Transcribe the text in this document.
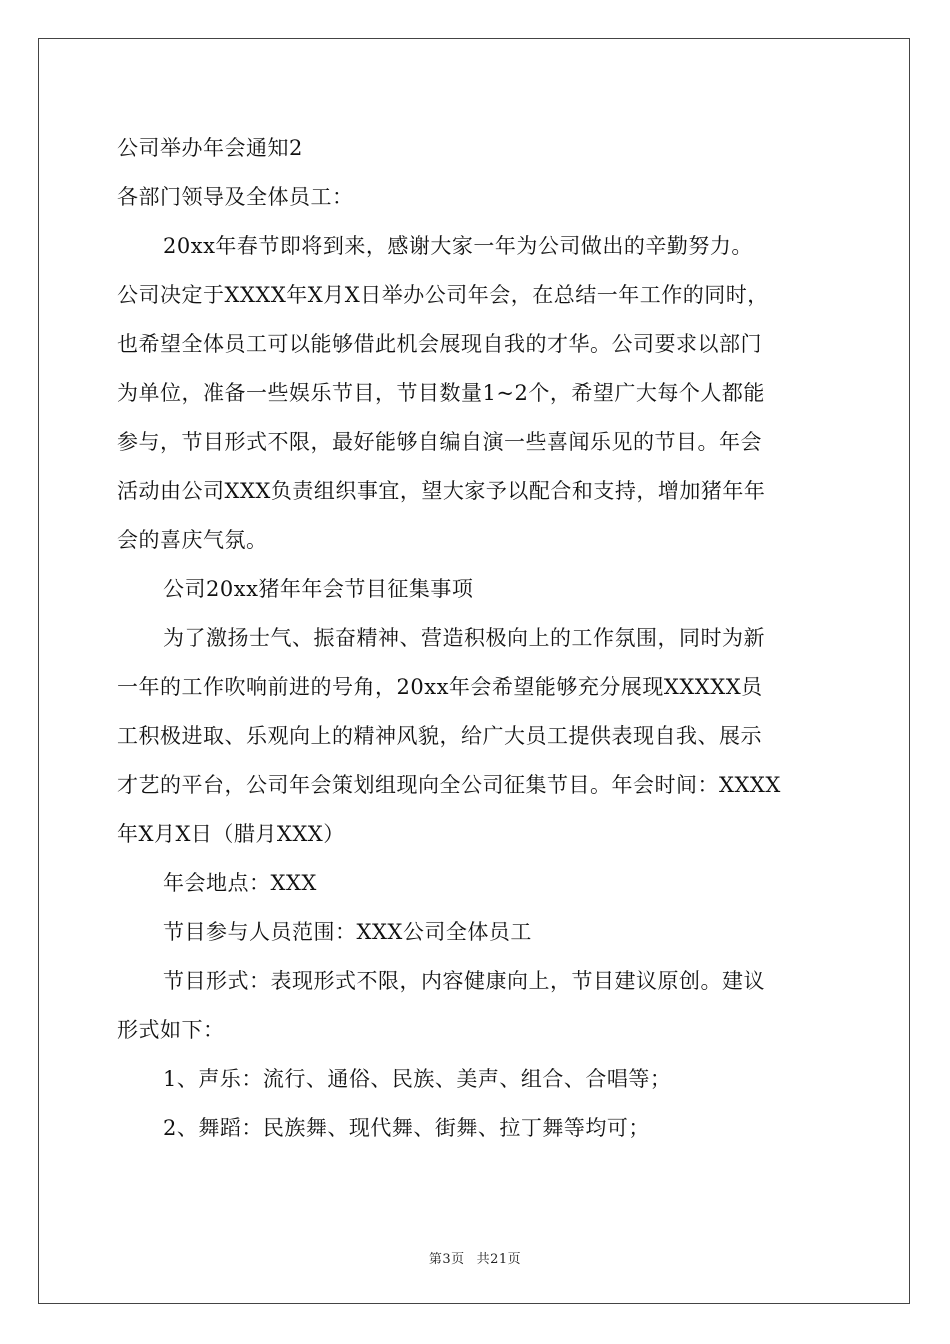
公司举办年会通知2
各部门领导及全体员工：
20xx年春节即将到来，感谢大家一年为公司做出的辛勤努力。
公司决定于XXXX年X月X日举办公司年会，在总结一年工作的同时，
也希望全体员工可以能够借此机会展现自我的才华。公司要求以部门
为单位，准备一些娱乐节目，节目数量1~2个，希望广大每个人都能
参与，节目形式不限，最好能够自编自演一些喜闻乐见的节目。年会
活动由公司XXX负责组织事宜，望大家予以配合和支持，增加猪年年
会的喜庆气氛。
公司20xx猪年年会节目征集事项
为了激扬士气、振奋精神、营造积极向上的工作氛围，同时为新
一年的工作吹响前进的号角，20xx年会希望能够充分展现XXXXX员
工积极进取、乐观向上的精神风貌，给广大员工提供表现自我、展示
才艺的平台，公司年会策划组现向全公司征集节目。年会时间：XXXX
年X月X日（腊月XXX）
年会地点：XXX
节目参与人员范围：XXX公司全体员工
节目形式：表现形式不限，内容健康向上，节目建议原创。建议
形式如下：
1、声乐：流行、通俗、民族、美声、组合、合唱等；
2、舞蹈：民族舞、现代舞、街舞、拉丁舞等均可；
第3页 共21页
